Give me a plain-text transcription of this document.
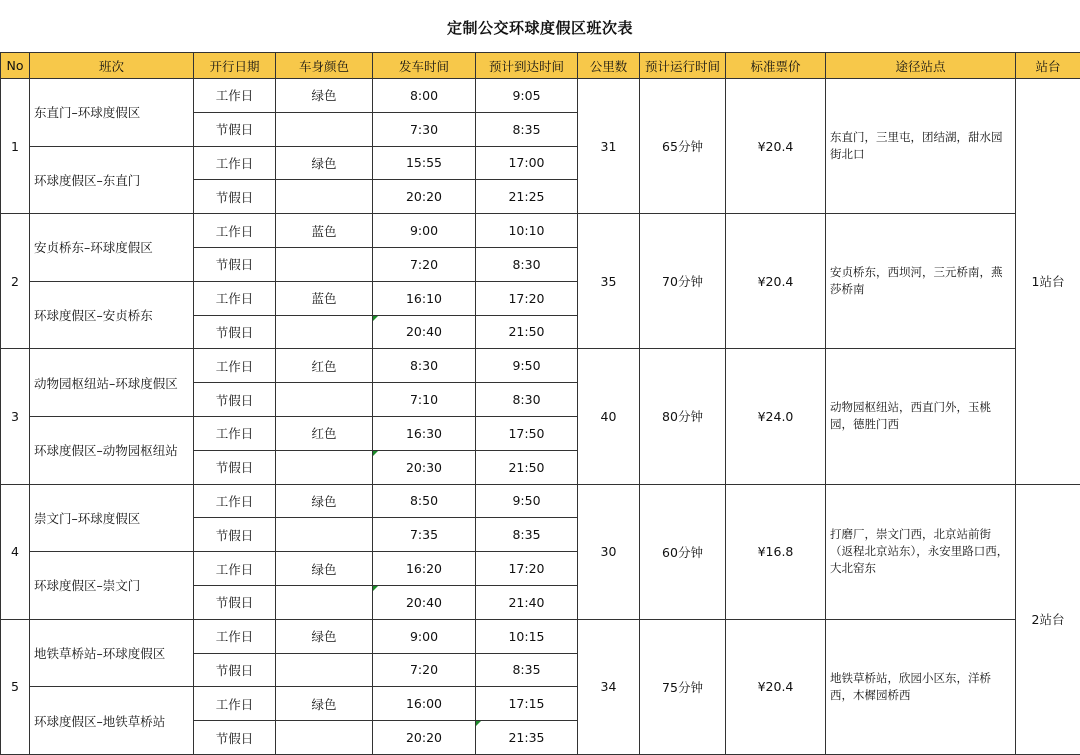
定制公交环球度假区班次表
No	班次	开行日期	车身颜色	发车时间	预计到达时间	公里数	预计运行时间	标准票价	途径站点	站台
1	东直门–环球度假区	工作日	绿色	8:00	9:05	31	65分钟	¥20.4	东直门，三里屯，团结湖，甜水园街北口	1站台
		节假日		7:30	8:35					
	环球度假区–东直门	工作日	绿色	15:55	17:00					
		节假日		20:20	21:25					
2	安贞桥东–环球度假区	工作日	蓝色	9:00	10:10	35	70分钟	¥20.4	安贞桥东，西坝河，三元桥南，燕莎桥南	
		节假日		7:20	8:30					
	环球度假区–安贞桥东	工作日	蓝色	16:10	17:20					
		节假日		20:40	21:50					
3	动物园枢纽站–环球度假区	工作日	红色	8:30	9:50	40	80分钟	¥24.0	动物园枢纽站，西直门外，玉桃园，德胜门西	
		节假日		7:10	8:30					
	环球度假区–动物园枢纽站	工作日	红色	16:30	17:50					
		节假日		20:30	21:50					
4	崇文门–环球度假区	工作日	绿色	8:50	9:50	30	60分钟	¥16.8	打磨厂，崇文门西，北京站前街（返程北京站东），永安里路口西，大北窑东	2站台
		节假日		7:35	8:35					
	环球度假区–崇文门	工作日	绿色	16:20	17:20					
		节假日		20:40	21:40					
5	地铁草桥站–环球度假区	工作日	绿色	9:00	10:15	34	75分钟	¥20.4	地铁草桥站，欣园小区东，洋桥西，木樨园桥西	
		节假日		7:20	8:35					
	环球度假区–地铁草桥站	工作日	绿色	16:00	17:15					
		节假日		20:20	21:35					
